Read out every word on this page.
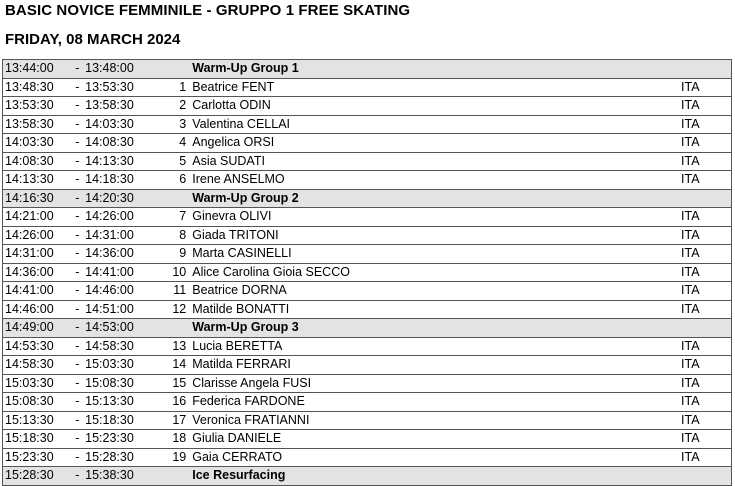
BASIC NOVICE FEMMINILE - GRUPPO 1 FREE SKATING
FRIDAY, 08 MARCH 2024
13:44:00	-	13:48:00		Warm-Up Group 1	
13:48:30	-	13:53:30	1	Beatrice FENT	ITA
13:53:30	-	13:58:30	2	Carlotta ODIN	ITA
13:58:30	-	14:03:30	3	Valentina CELLAI	ITA
14:03:30	-	14:08:30	4	Angelica ORSI	ITA
14:08:30	-	14:13:30	5	Asia SUDATI	ITA
14:13:30	-	14:18:30	6	Irene ANSELMO	ITA
14:16:30	-	14:20:30		Warm-Up Group 2	
14:21:00	-	14:26:00	7	Ginevra OLIVI	ITA
14:26:00	-	14:31:00	8	Giada TRITONI	ITA
14:31:00	-	14:36:00	9	Marta CASINELLI	ITA
14:36:00	-	14:41:00	10	Alice Carolina Gioia SECCO	ITA
14:41:00	-	14:46:00	11	Beatrice DORNA	ITA
14:46:00	-	14:51:00	12	Matilde BONATTI	ITA
14:49:00	-	14:53:00		Warm-Up Group 3	
14:53:30	-	14:58:30	13	Lucia BERETTA	ITA
14:58:30	-	15:03:30	14	Matilda FERRARI	ITA
15:03:30	-	15:08:30	15	Clarisse Angela FUSI	ITA
15:08:30	-	15:13:30	16	Federica FARDONE	ITA
15:13:30	-	15:18:30	17	Veronica FRATIANNI	ITA
15:18:30	-	15:23:30	18	Giulia DANIELE	ITA
15:23:30	-	15:28:30	19	Gaia CERRATO	ITA
15:28:30	-	15:38:30		Ice Resurfacing	
